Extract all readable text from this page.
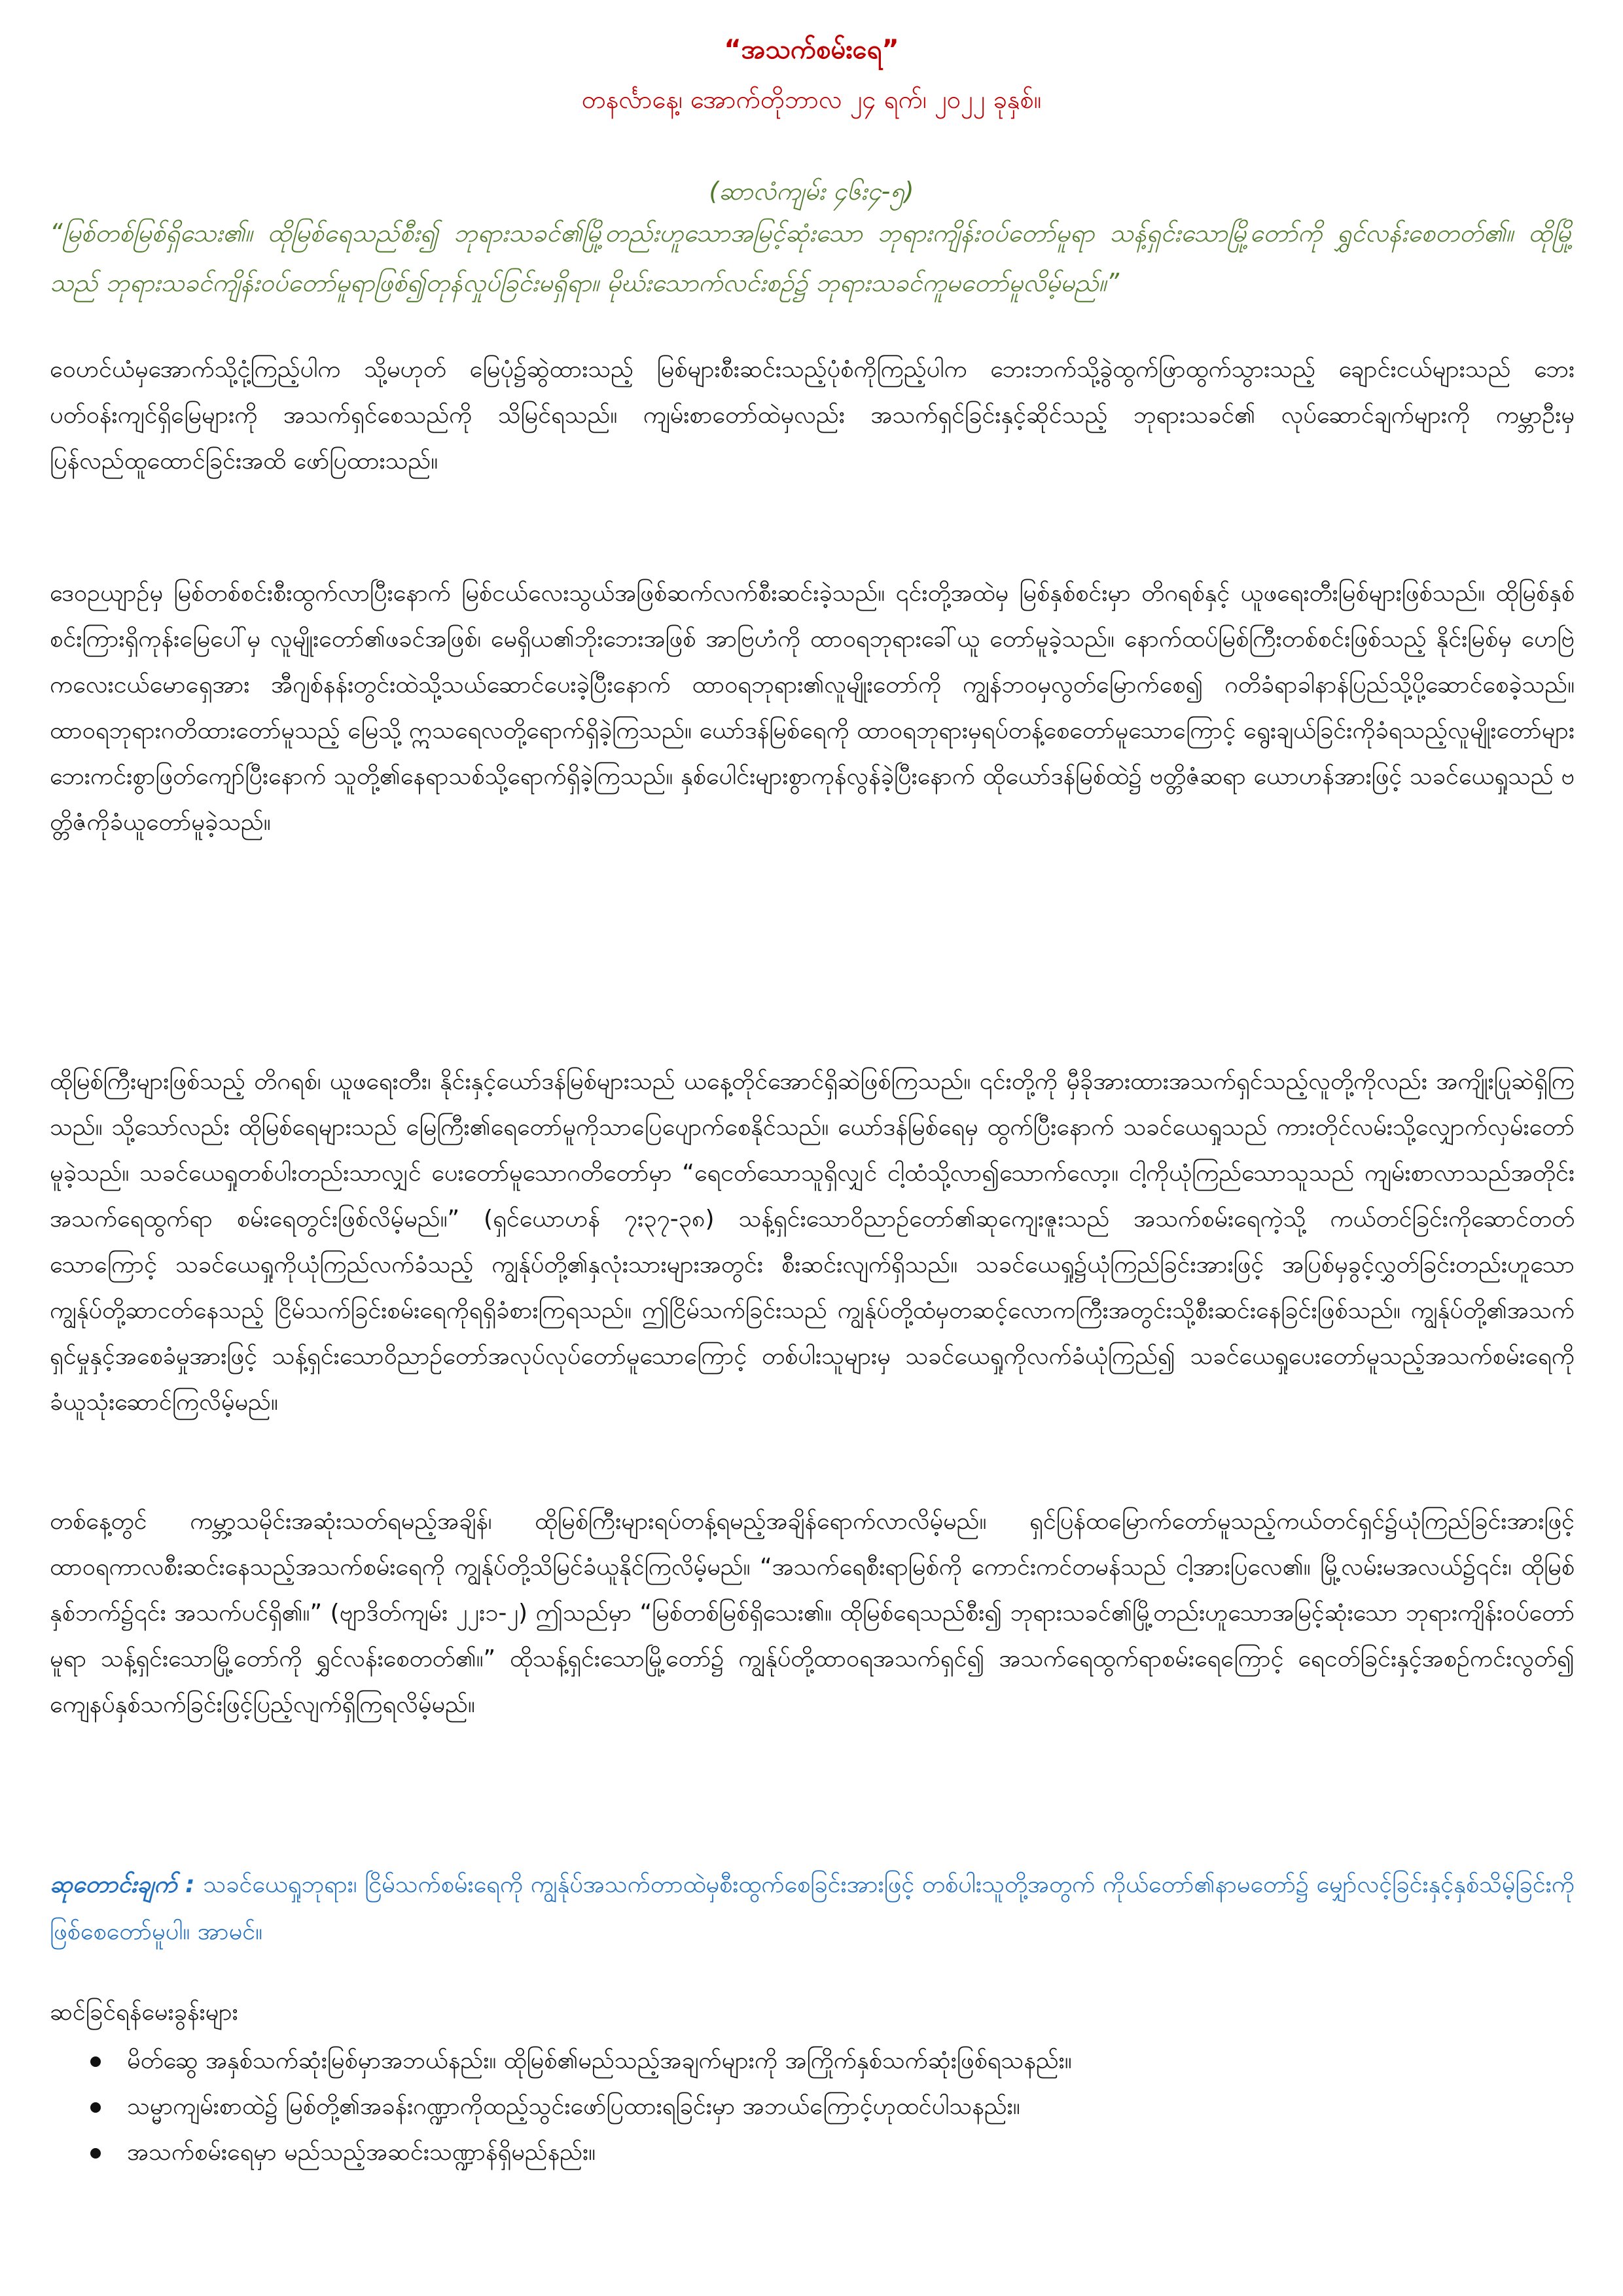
“အသက်စမ်းရေ”
တနင်္လာနေ့၊ အောက်တိုဘာလ ၂၄ ရက်၊ ၂၀၂၂ ခုနှစ်။
(ဆာလံကျမ်း ၄၆း၄-၅)
“မြစ်တစ်မြစ်ရှိသေး၏။ ထိုမြစ်ရေသည်စီး၍ ဘုရားသခင်၏မြို့တည်းဟူသောအမြင့်ဆုံးသော ဘုရားကျိန်းဝပ်တော်မူရာ သန့်ရှင်းသောမြို့တော်ကို ရွှင်လန်းစေတတ်၏။ ထိုမြို့သည် ဘုရားသခင်ကျိန်းဝပ်တော်မူရာဖြစ်၍တုန်လှုပ်ခြင်းမရှိရာ။ မိုဃ်းသောက်လင်းစဉ်၌ ဘုရားသခင်ကူမတော်မူလိမ့်မည်။”
ဝေဟင်ယံမှအောက်သို့ငုံ့ကြည့်ပါက သို့မဟုတ် မြေပုံ၌ဆွဲထားသည့် မြစ်များစီးဆင်းသည့်ပုံစံကိုကြည့်ပါက ဘေးဘက်သို့ခွဲထွက်ဖြာထွက်သွားသည့် ချောင်းငယ်များသည် ဘေးပတ်ဝန်းကျင်ရှိမြေများကို အသက်ရှင်စေသည်ကို သိမြင်ရသည်။ ကျမ်းစာတော်ထဲမှလည်း အသက်ရှင်ခြင်းနှင့်ဆိုင်သည့် ဘုရားသခင်၏ လုပ်ဆောင်ချက်များကို ကမ္ဘာဦးမှ ပြန်လည်ထူထောင်ခြင်းအထိ ဖော်ပြထားသည်။
ဒေဝဉယျာဉ်မှ မြစ်တစ်စင်းစီးထွက်လာပြီးနောက် မြစ်ငယ်လေးသွယ်အဖြစ်ဆက်လက်စီးဆင်းခဲ့သည်။ ၎င်းတို့အထဲမှ မြစ်နှစ်စင်းမှာ တိဂရစ်နှင့် ယူဖရေးတီးမြစ်များဖြစ်သည်။ ထိုမြစ်နှစ်စင်းကြားရှိကုန်းမြေပေါ်မှ လူမျိုးတော်၏ဖခင်အဖြစ်၊ မေရှိယ၏ဘိုးဘေးအဖြစ် အာဗြဟံကို ထာဝရဘုရားခေါ်ယူ တော်မူခဲ့သည်။ နောက်ထပ်မြစ်ကြီးတစ်စင်းဖြစ်သည့် နိုင်းမြစ်မှ ဟေဗြဲကလေးငယ်မောရှေအား အီဂျစ်နန်းတွင်းထဲသို့သယ်ဆောင်ပေးခဲ့ပြီးနောက် ထာဝရဘုရား၏လူမျိုးတော်ကို ကျွန်ဘဝမှလွတ်မြောက်စေ၍ ဂတိခံရာခါနာန်ပြည်သို့ပို့ဆောင်စေခဲ့သည်။ ထာဝရဘုရားဂတိထားတော်မူသည့် မြေသို့ ဣသရေလတို့ရောက်ရှိခဲ့ကြသည်။ ယော်ဒန်မြစ်ရေကို ထာဝရဘုရားမှရပ်တန့်စေတော်မူသောကြောင့် ရွေးချယ်ခြင်းကိုခံရသည့်လူမျိုးတော်များ ဘေးကင်းစွာဖြတ်ကျော်ပြီးနောက် သူတို့၏နေရာသစ်သို့ရောက်ရှိခဲ့ကြသည်။ နှစ်ပေါင်းများစွာကုန်လွန်ခဲ့ပြီးနောက် ထိုယော်ဒန်မြစ်ထဲ၌ ဗတ္တိဇံဆရာ ယောဟန်အားဖြင့် သခင်ယေရှုသည် ဗတ္တိဇံကိုခံယူတော်မူခဲ့သည်။
ထိုမြစ်ကြီးများဖြစ်သည့် တိဂရစ်၊ ယူဖရေးတီး၊ နိုင်းနှင့်ယော်ဒန်မြစ်များသည် ယနေ့တိုင်အောင်ရှိဆဲဖြစ်ကြသည်။ ၎င်းတို့ကို မှီခိုအားထားအသက်ရှင်သည့်လူတို့ကိုလည်း အကျိုးပြုဆဲရှိကြသည်။ သို့သော်လည်း ထိုမြစ်ရေများသည် မြေကြီး၏ရေတော်မူကိုသာပြေပျောက်စေနိုင်သည်။ ယော်ဒန်မြစ်ရေမှ ထွက်ပြီးနောက် သခင်ယေရှုသည် ကားတိုင်လမ်းသို့လျှောက်လှမ်းတော်မူခဲ့သည်။ သခင်ယေရှုတစ်ပါးတည်းသာလျှင် ပေးတော်မူသောဂတိတော်မှာ “ရေငတ်သောသူရှိလျှင် ငါ့ထံသို့လာ၍သောက်လော့။ ငါ့ကိုယုံကြည်သောသူသည် ကျမ်းစာလာသည်အတိုင်းအသက်ရေထွက်ရာ စမ်းရေတွင်းဖြစ်လိမ့်မည်။” (ရှင်ယောဟန် ၇း၃၇-၃၈) သန့်ရှင်းသောဝိညာဉ်တော်၏ဆုကျေးဇူးသည် အသက်စမ်းရေကဲ့သို့ ကယ်တင်ခြင်းကိုဆောင်တတ်သောကြောင့် သခင်ယေရှုကိုယုံကြည်လက်ခံသည့် ကျွန်ုပ်တို့၏နှလုံးသားများအတွင်း စီးဆင်းလျက်ရှိသည်။ သခင်ယေရှု၌ယုံကြည်ခြင်းအားဖြင့် အပြစ်မှခွင့်လွှတ်ခြင်းတည်းဟူသော ကျွန်ုပ်တို့ဆာငတ်နေသည့် ငြိမ်သက်ခြင်းစမ်းရေကိုရရှိခံစားကြရသည်။ ဤငြိမ်သက်ခြင်းသည် ကျွန်ုပ်တို့ထံမှတဆင့်လောကကြီးအတွင်းသို့စီးဆင်းနေခြင်းဖြစ်သည်။ ကျွန်ုပ်တို့၏အသက်ရှင်မှုနှင့်အစေခံမှုအားဖြင့် သန့်ရှင်းသောဝိညာဉ်တော်အလုပ်လုပ်တော်မူသောကြောင့် တစ်ပါးသူများမှ သခင်ယေရှုကိုလက်ခံယုံကြည်၍ သခင်ယေရှုပေးတော်မူသည့်အသက်စမ်းရေကိုခံယူသုံးဆောင်ကြလိမ့်မည်။
တစ်နေ့တွင် ကမ္ဘာ့သမိုင်းအဆုံးသတ်ရမည့်အချိန်၊ ထိုမြစ်ကြီးများရပ်တန့်ရမည့်အချိန်ရောက်လာလိမ့်မည်။ ရှင်ပြန်ထမြောက်တော်မူသည့်ကယ်တင်ရှင်၌ယုံကြည်ခြင်းအားဖြင့် ထာဝရကာလစီးဆင်းနေသည့်အသက်စမ်းရေကို ကျွန်ုပ်တို့သိမြင်ခံယူနိုင်ကြလိမ့်မည်။ “အသက်ရေစီးရာမြစ်ကို ကောင်းကင်တမန်သည် ငါ့အားပြလေ၏။ မြို့လမ်းမအလယ်၌၎င်း၊ ထိုမြစ်နှစ်ဘက်၌၎င်း အသက်ပင်ရှိ၏။” (ဗျာဒိတ်ကျမ်း ၂၂း၁-၂) ဤသည်မှာ “မြစ်တစ်မြစ်ရှိသေး၏။ ထိုမြစ်ရေသည်စီး၍ ဘုရားသခင်၏မြို့တည်းဟူသောအမြင့်ဆုံးသော ဘုရားကျိန်းဝပ်တော်မူရာ သန့်ရှင်းသောမြို့တော်ကို ရွှင်လန်းစေတတ်၏။” ထိုသန့်ရှင်းသောမြို့တော်၌ ကျွန်ုပ်တို့ထာဝရအသက်ရှင်၍ အသက်ရေထွက်ရာစမ်းရေကြောင့် ရေငတ်ခြင်းနှင့်အစဉ်ကင်းလွတ်၍ ကျေနပ်နှစ်သက်ခြင်းဖြင့်ပြည့်လျက်ရှိကြရလိမ့်မည်။
ဆုတောင်းချက် : သခင်ယေရှုဘုရား၊ ငြိမ်သက်စမ်းရေကို ကျွန်ုပ်အသက်တာထဲမှစီးထွက်စေခြင်းအားဖြင့် တစ်ပါးသူတို့အတွက် ကိုယ်တော်၏နာမတော်၌ မျှော်လင့်ခြင်းနှင့်နှစ်သိမ့်ခြင်းကိုဖြစ်စေတော်မူပါ။ အာမင်။
ဆင်ခြင်ရန်မေးခွန်းများ
မိတ်ဆွေ အနှစ်သက်ဆုံးမြစ်မှာအဘယ်နည်း။ ထိုမြစ်၏မည်သည့်အချက်များကို အကြိုက်နှစ်သက်ဆုံးဖြစ်ရသနည်း။
သမ္မာကျမ်းစာထဲ၌ မြစ်တို့၏အခန်းဂဏ္ဍာကိုထည့်သွင်းဖော်ပြထားရခြင်းမှာ အဘယ်ကြောင့်ဟုထင်ပါသနည်း။
အသက်စမ်းရေမှာ မည်သည့်အဆင်းသဏ္ဍာန်ရှိမည်နည်း။
